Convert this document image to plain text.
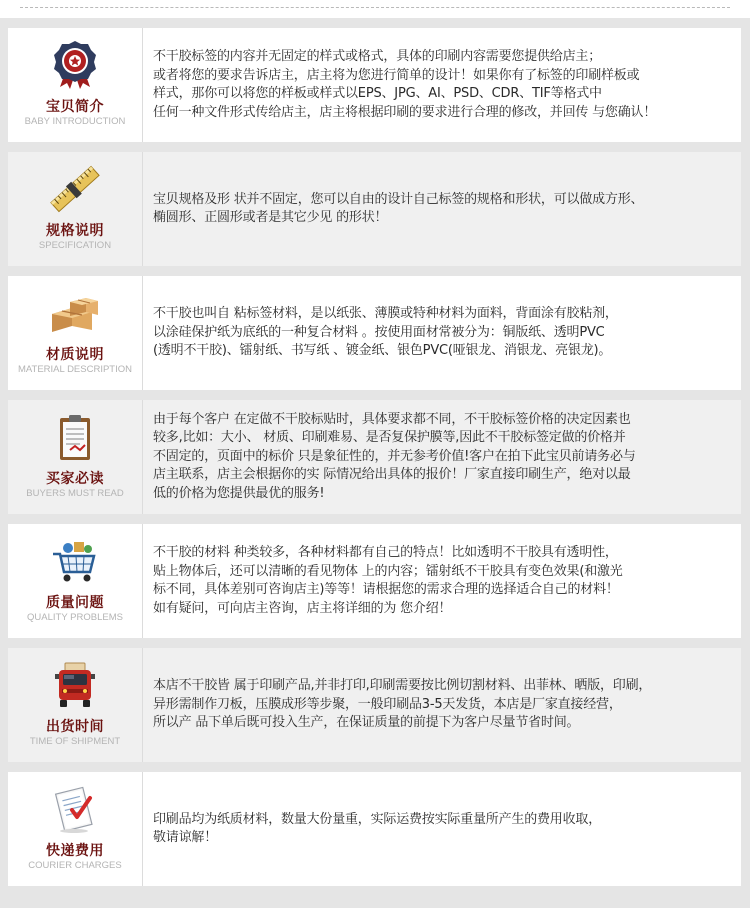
宝贝简介
BABY INTRODUCTION
不干胶标签的内容并无固定的样式或格式，具体的印刷内容需要您提供给店主；
或者将您的要求告诉店主，店主将为您进行简单的设计！如果你有了标签的印刷样板或
样式，那你可以将您的样板或样式以EPS、JPG、AI、PSD、CDR、TIF等格式中
任何一种文件形式传给店主，店主将根据印刷的要求进行合理的修改，并回传 与您确认！
规格说明
SPECIFICATION
宝贝规格及形 状并不固定，您可以自由的设计自己标签的规格和形状，可以做成方形、
椭圆形、正圆形或者是其它少见 的形状！
材质说明
MATERIAL DESCRIPTION
不干胶也叫自 粘标签材料，是以纸张、薄膜或特种材料为面料，背面涂有胶粘剂，
以涂硅保护纸为底纸的一种复合材料 。按使用面材常被分为：铜版纸、透明PVC
(透明不干胶)、镭射纸、书写纸 、镀金纸、银色PVC(哑银龙、消银龙、亮银龙)。
买家必读
BUYERS MUST READ
由于每个客户 在定做不干胶标贴时，具体要求都不同，不干胶标签价格的决定因素也
较多,比如：大小、 材质、印刷难易、是否复保护膜等,因此不干胶标签定做的价格并
不固定的，页面中的标价 只是象征性的，并无参考价值!客户在拍下此宝贝前请务必与
店主联系，店主会根据你的实 际情况给出具体的报价！厂家直接印刷生产，绝对以最
低的价格为您提供最优的服务!
质量问题
QUALITY PROBLEMS
不干胶的材料 种类较多，各种材料都有自己的特点！比如透明不干胶具有透明性，
贴上物体后，还可以清晰的看见物体 上的内容；镭射纸不干胶具有变色效果(和激光
标不同，具体差别可咨询店主)等等！请根据您的需求合理的选择适合自己的材料！
如有疑问，可向店主咨询，店主将详细的为 您介绍！
出货时间
TIME OF SHIPMENT
本店不干胶皆 属于印刷产品,并非打印,印刷需要按比例切割材料、出菲林、晒版，印刷，
异形需制作刀板，压膜成形等步聚，一般印刷品3-5天发货，本店是厂家直接经营，
所以产 品下单后既可投入生产，在保证质量的前提下为客户尽量节省时间。
快递费用
COURIER CHARGES
印刷品均为纸质材料，数量大份量重，实际运费按实际重量所产生的费用收取，
敬请谅解！
